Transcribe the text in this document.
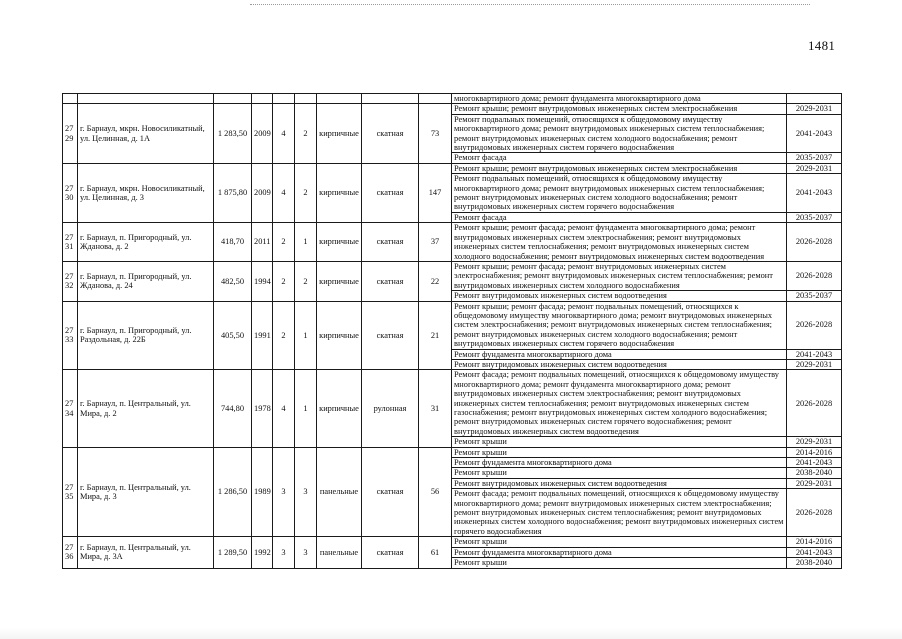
1481
									многоквартирного дома; ремонт фундамента многоквартирного дома	
2729	г. Барнаул, мкрн. Новосиликатный, ул. Целинная, д. 1А	1 283,50	2009	4	2	кирпичные	скатная	73	Ремонт крыши; ремонт внутридомовых инженерных систем электроснабжения	2029-2031
									Ремонт подвальных помещений, относящихся к общедомовому имуществу многоквартирного дома; ремонт внутридомовых инженерных систем теплоснабжения; ремонт внутридомовых инженерных систем холодного водоснабжения; ремонт внутридомовых инженерных систем горячего водоснабжения	2041-2043
									Ремонт фасада	2035-2037
2730	г. Барнаул, мкрн. Новосиликатный, ул. Целинная, д. 3	1 875,80	2009	4	2	кирпичные	скатная	147	Ремонт крыши; ремонт внутридомовых инженерных систем электроснабжения	2029-2031
									Ремонт подвальных помещений, относящихся к общедомовому имуществу многоквартирного дома; ремонт внутридомовых инженерных систем теплоснабжения; ремонт внутридомовых инженерных систем холодного водоснабжения; ремонт внутридомовых инженерных систем горячего водоснабжения	2041-2043
									Ремонт фасада	2035-2037
2731	г. Барнаул, п. Пригородный, ул. Жданова, д. 2	418,70	2011	2	1	кирпичные	скатная	37	Ремонт крыши; ремонт фасада; ремонт фундамента многоквартирного дома; ремонт внутридомовых инженерных систем электроснабжения; ремонт внутридомовых инженерных систем теплоснабжения; ремонт внутридомовых инженерных систем холодного водоснабжения; ремонт внутридомовых инженерных систем водоотведения	2026-2028
2732	г. Барнаул, п. Пригородный, ул. Жданова, д. 24	482,50	1994	2	2	кирпичные	скатная	22	Ремонт крыши; ремонт фасада; ремонт внутридомовых инженерных систем электроснабжения; ремонт внутридомовых инженерных систем теплоснабжения; ремонт внутридомовых инженерных систем холодного водоснабжения	2026-2028
									Ремонт внутридомовых инженерных систем водоотведения	2035-2037
2733	г. Барнаул, п. Пригородный, ул. Раздольная, д. 22Б	405,50	1991	2	1	кирпичные	скатная	21	Ремонт крыши; ремонт фасада; ремонт подвальных помещений, относящихся к общедомовому имуществу многоквартирного дома; ремонт внутридомовых инженерных систем электроснабжения; ремонт внутридомовых инженерных систем теплоснабжения; ремонт внутридомовых инженерных систем холодного водоснабжения; ремонт внутридомовых инженерных систем горячего водоснабжения	2026-2028
									Ремонт фундамента многоквартирного дома	2041-2043
									Ремонт внутридомовых инженерных систем водоотведения	2029-2031
2734	г. Барнаул, п. Центральный, ул. Мира, д. 2	744,80	1978	4	1	кирпичные	рулонная	31	Ремонт фасада; ремонт подвальных помещений, относящихся к общедомовому имуществу многоквартирного дома; ремонт фундамента многоквартирного дома; ремонт внутридомовых инженерных систем электроснабжения; ремонт внутридомовых инженерных систем теплоснабжения; ремонт внутридомовых инженерных систем газоснабжения; ремонт внутридомовых инженерных систем холодного водоснабжения; ремонт внутридомовых инженерных систем горячего водоснабжения; ремонт внутридомовых инженерных систем водоотведения	2026-2028
									Ремонт крыши	2029-2031
2735	г. Барнаул, п. Центральный, ул. Мира, д. 3	1 286,50	1989	3	3	панельные	скатная	56	Ремонт крыши	2014-2016
									Ремонт фундамента многоквартирного дома	2041-2043
									Ремонт крыши	2038-2040
									Ремонт внутридомовых инженерных систем водоотведения	2029-2031
									Ремонт фасада; ремонт подвальных помещений, относящихся к общедомовому имуществу многоквартирного дома; ремонт внутридомовых инженерных систем электроснабжения; ремонт внутридомовых инженерных систем теплоснабжения; ремонт внутридомовых инженерных систем холодного водоснабжения; ремонт внутридомовых инженерных систем горячего водоснабжения	2026-2028
2736	г. Барнаул, п. Центральный, ул. Мира, д. 3А	1 289,50	1992	3	3	панельные	скатная	61	Ремонт крыши	2014-2016
									Ремонт фундамента многоквартирного дома	2041-2043
									Ремонт крыши	2038-2040
